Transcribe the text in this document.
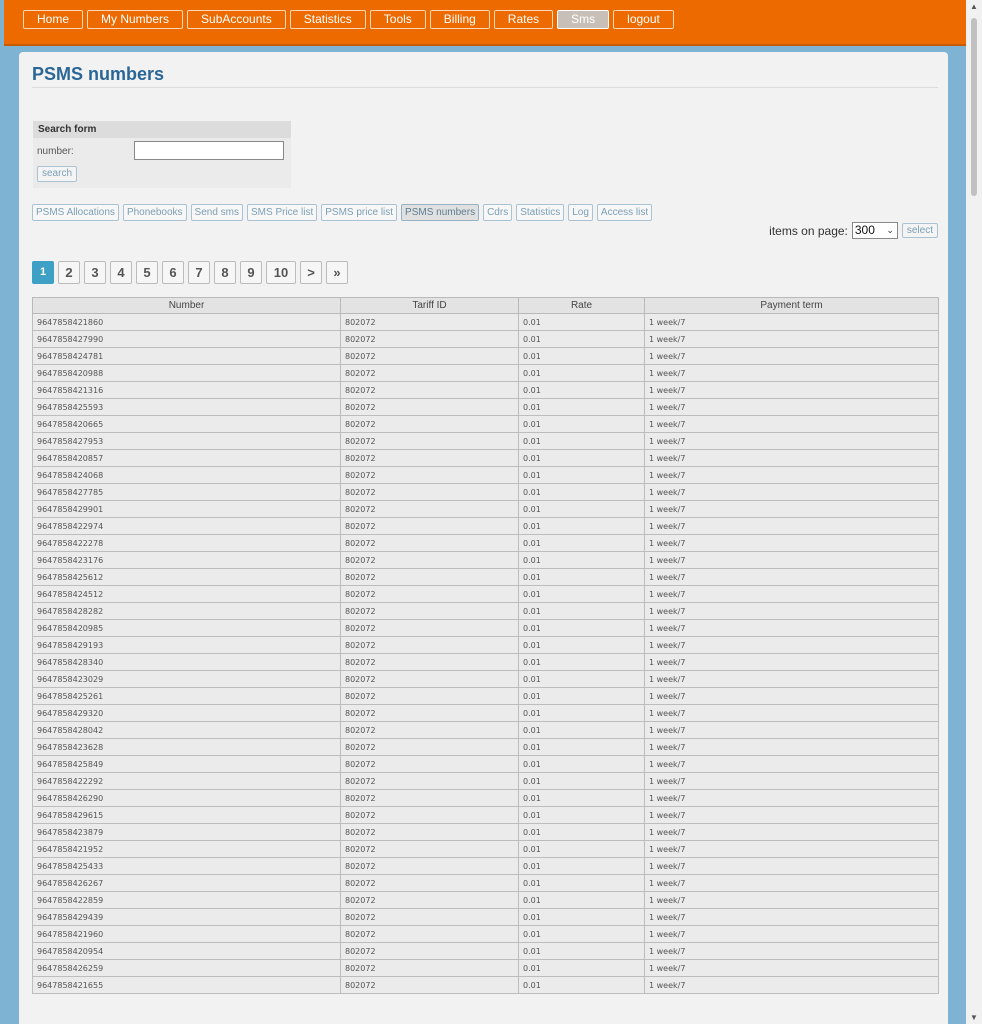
Home	My Numbers	SubAccounts	Statistics	Tools	Billing	Rates	Sms	logout
PSMS numbers
Search form
number:
search
PSMS Allocations	Phonebooks	Send sms	SMS Price list	PSMS price list	PSMS numbers	Cdrs	Statistics	Log	Access list
items on page: 300 ⌄	select
1	2	3	4	5	6	7	8	9	10	>	»
Number	Tariff ID	Rate	Payment term
9647858421860	802072	0.01	1 week/7
9647858427990	802072	0.01	1 week/7
9647858424781	802072	0.01	1 week/7
9647858420988	802072	0.01	1 week/7
9647858421316	802072	0.01	1 week/7
9647858425593	802072	0.01	1 week/7
9647858420665	802072	0.01	1 week/7
9647858427953	802072	0.01	1 week/7
9647858420857	802072	0.01	1 week/7
9647858424068	802072	0.01	1 week/7
9647858427785	802072	0.01	1 week/7
9647858429901	802072	0.01	1 week/7
9647858422974	802072	0.01	1 week/7
9647858422278	802072	0.01	1 week/7
9647858423176	802072	0.01	1 week/7
9647858425612	802072	0.01	1 week/7
9647858424512	802072	0.01	1 week/7
9647858428282	802072	0.01	1 week/7
9647858420985	802072	0.01	1 week/7
9647858429193	802072	0.01	1 week/7
9647858428340	802072	0.01	1 week/7
9647858423029	802072	0.01	1 week/7
9647858425261	802072	0.01	1 week/7
9647858429320	802072	0.01	1 week/7
9647858428042	802072	0.01	1 week/7
9647858423628	802072	0.01	1 week/7
9647858425849	802072	0.01	1 week/7
9647858422292	802072	0.01	1 week/7
9647858426290	802072	0.01	1 week/7
9647858429615	802072	0.01	1 week/7
9647858423879	802072	0.01	1 week/7
9647858421952	802072	0.01	1 week/7
9647858425433	802072	0.01	1 week/7
9647858426267	802072	0.01	1 week/7
9647858422859	802072	0.01	1 week/7
9647858429439	802072	0.01	1 week/7
9647858421960	802072	0.01	1 week/7
9647858420954	802072	0.01	1 week/7
9647858426259	802072	0.01	1 week/7
9647858421655	802072	0.01	1 week/7
▲
▼
